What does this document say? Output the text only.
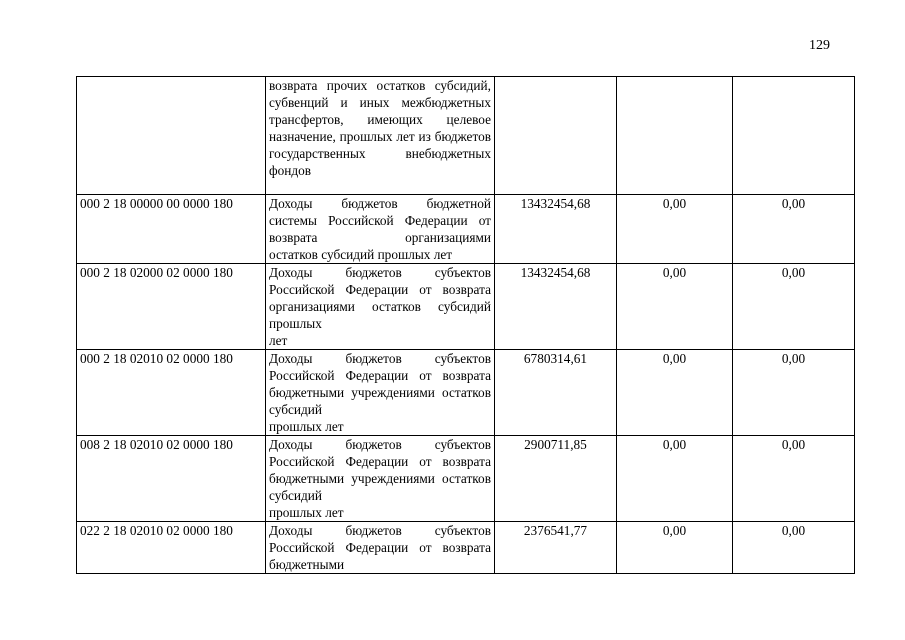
129
	возврата прочих остатков субсидий, субвенций и иных межбюджетных трансфертов, имеющих целевое назначение, прошлых лет из бюджетов государственных внебюджетных
фондов			

000 2 18 00000 00 0000 180	Доходы бюджетов бюджетной системы Российской Федерации от возврата организациями
остатков субсидий прошлых лет	13432454,68	0,00	0,00
000 2 18 02000 02 0000 180	Доходы бюджетов субъектов Российской Федерации от возврата организациями остатков субсидий прошлых
лет	13432454,68	0,00	0,00
000 2 18 02010 02 0000 180	Доходы бюджетов субъектов Российской Федерации от возврата бюджетными учреждениями остатков субсидий
прошлых лет	6780314,61	0,00	0,00
008 2 18 02010 02 0000 180	Доходы бюджетов субъектов Российской Федерации от возврата бюджетными учреждениями остатков субсидий
прошлых лет	2900711,85	0,00	0,00
022 2 18 02010 02 0000 180	Доходы бюджетов субъектов Российской Федерации от возврата бюджетными	2376541,77	0,00	0,00
